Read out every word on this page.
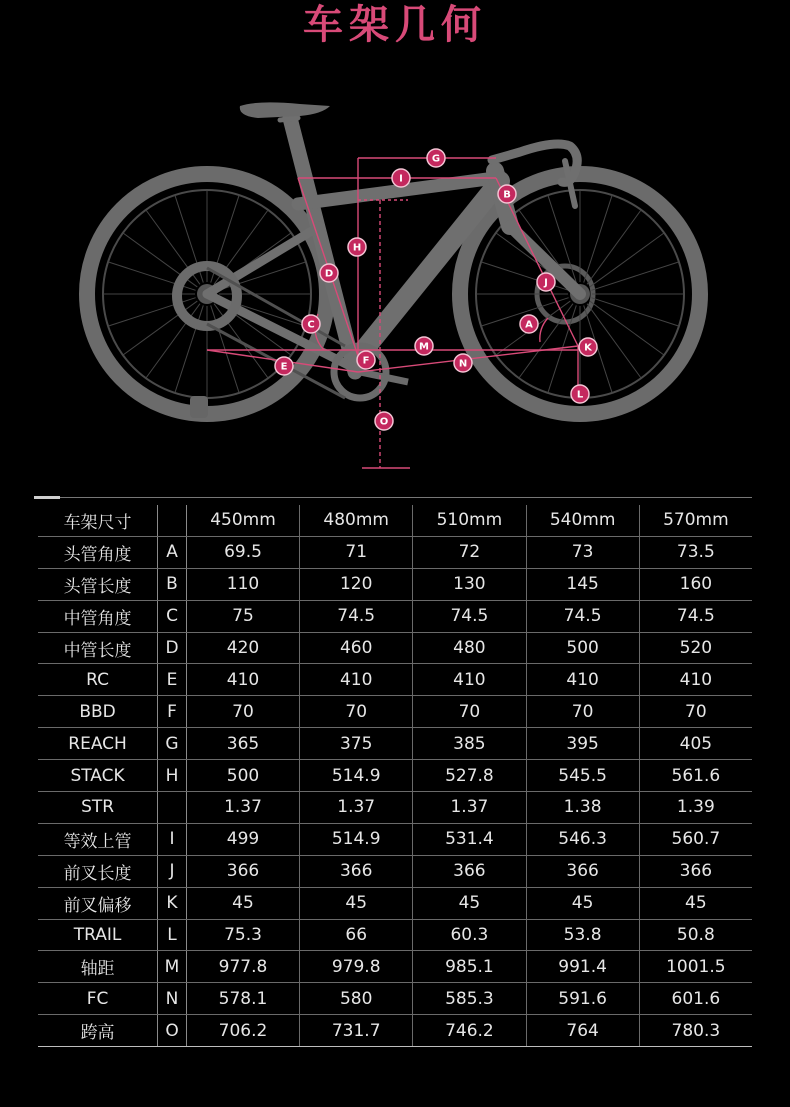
车架几何
G
I
B
H
D
J
C	A
M	K
E
F	N
L
O
车架尺寸		450mm	480mm	510mm	540mm	570mm
头管角度	A	69.5	71	72	73	73.5
头管长度	B	110	120	130	145	160
中管角度	C	75	74.5	74.5	74.5	74.5
中管长度	D	420	460	480	500	520
RC	E	410	410	410	410	410
BBD	F	70	70	70	70	70
REACH	G	365	375	385	395	405
STACK	H	500	514.9	527.8	545.5	561.6
STR		1.37	1.37	1.37	1.38	1.39
等效上管	I	499	514.9	531.4	546.3	560.7
前叉长度	J	366	366	366	366	366
前叉偏移	K	45	45	45	45	45
TRAIL	L	75.3	66	60.3	53.8	50.8
轴距	M	977.8	979.8	985.1	991.4	1001.5
FC	N	578.1	580	585.3	591.6	601.6
跨高	O	706.2	731.7	746.2	764	780.3
